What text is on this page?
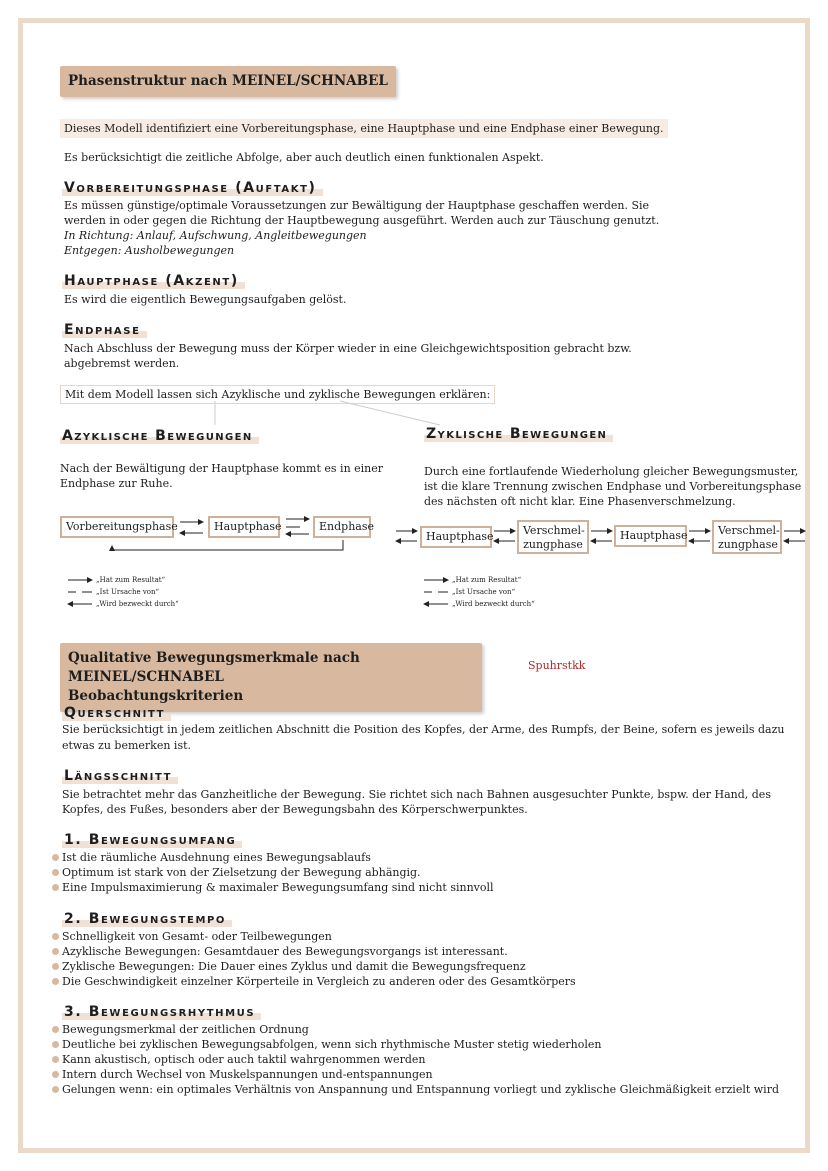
Phasenstruktur nach MEINEL/SCHNABEL
Dieses Modell identifiziert eine Vorbereitungsphase, eine Hauptphase und eine Endphase einer Bewegung.
Es berücksichtigt die zeitliche Abfolge, aber auch deutlich einen funktionalen Aspekt.
Vorbereitungsphase (Auftakt)
Es müssen günstige/optimale Voraussetzungen zur Bewältigung der Hauptphase geschaffen werden. Sie
werden in oder gegen die Richtung der Hauptbewegung ausgeführt. Werden auch zur Täuschung genutzt.
In Richtung: Anlauf, Aufschwung, Angleitbewegungen
Entgegen: Ausholbewegungen
Hauptphase (Akzent)
Es wird die eigentlich Bewegungsaufgaben gelöst.
Endphase
Nach Abschluss der Bewegung muss der Körper wieder in eine Gleichgewichtsposition gebracht bzw.
abgebremst werden.
Mit dem Modell lassen sich Azyklische und zyklische Bewegungen erklären:
Azyklische Bewegungen
Nach der Bewältigung der Hauptphase kommt es in einer
Endphase zur Ruhe.
Vorbereitungsphase	Hauptphase	Endphase
„Hat zum Resultat“
„Ist Ursache von“
„Wird bezweckt durch“
Zyklische Bewegungen
Durch eine fortlaufende Wiederholung gleicher Bewegungsmuster,
ist die klare Trennung zwischen Endphase und Vorbereitungsphase
des nächsten oft nicht klar. Eine Phasenverschmelzung.
Hauptphase	Verschmel-
zungphase
Hauptphase	Verschmel-
zungphase
„Hat zum Resultat“
„Ist Ursache von“
„Wird bezweckt durch“
Qualitative Bewegungsmerkmale nach MEINEL/SCHNABEL
Beobachtungskriterien
Spuhrstkk
Querschnitt
Sie berücksichtigt in jedem zeitlichen Abschnitt die Position des Kopfes, der Arme, des Rumpfs, der Beine, sofern es jeweils dazu
etwas zu bemerken ist.
Längsschnitt
Sie betrachtet mehr das Ganzheitliche der Bewegung. Sie richtet sich nach Bahnen ausgesuchter Punkte, bspw. der Hand, des
Kopfes, des Fußes, besonders aber der Bewegungsbahn des Körperschwerpunktes.
1. Bewegungsumfang
Ist die räumliche Ausdehnung eines Bewegungsablaufs
Optimum ist stark von der Zielsetzung der Bewegung abhängig.
Eine Impulsmaximierung & maximaler Bewegungsumfang sind nicht sinnvoll
2. Bewegungstempo
Schnelligkeit von Gesamt- oder Teilbewegungen
Azyklische Bewegungen: Gesamtdauer des Bewegungsvorgangs ist interessant.
Zyklische Bewegungen: Die Dauer eines Zyklus und damit die Bewegungsfrequenz
Die Geschwindigkeit einzelner Körperteile in Vergleich zu anderen oder des Gesamtkörpers
3. Bewegungsrhythmus
Bewegungsmerkmal der zeitlichen Ordnung
Deutliche bei zyklischen Bewegungsabfolgen, wenn sich rhythmische Muster stetig wiederholen
Kann akustisch, optisch oder auch taktil wahrgenommen werden
Intern durch Wechsel von Muskelspannungen und-entspannungen
Gelungen wenn: ein optimales Verhältnis von Anspannung und Entspannung vorliegt und zyklische Gleichmäßigkeit erzielt wird
